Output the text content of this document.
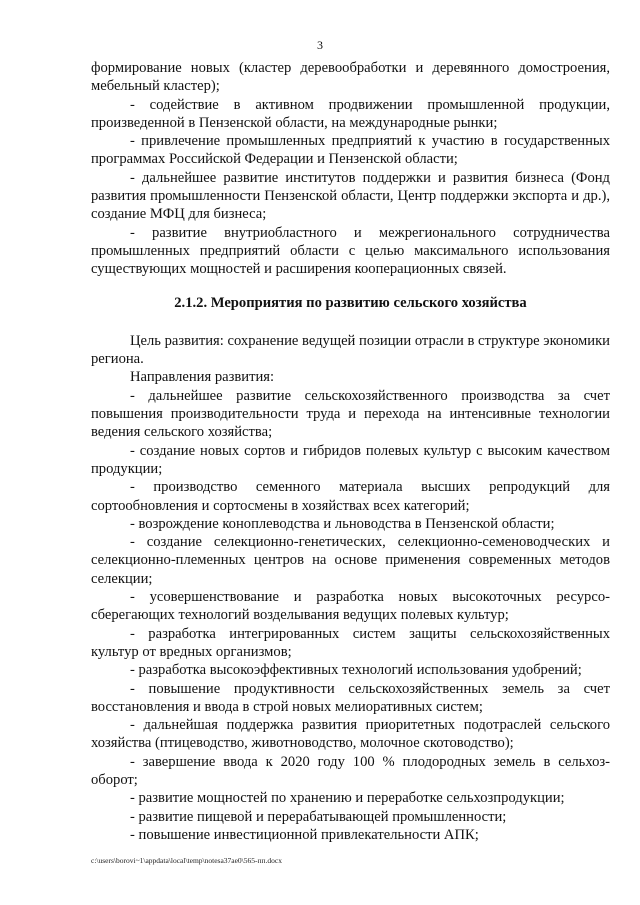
3

формирование новых (кластер деревообработки и деревянного домостроения, мебельный кластер);

- содействие в активном продвижении промышленной продукции, произведенной в Пензенской области, на международные рынки;

- привлечение промышленных предприятий к участию в государственных программах Российской Федерации и Пензенской области;

- дальнейшее развитие институтов поддержки и развития бизнеса (Фонд развития промышленности Пензенской области, Центр поддержки экспорта и др.), создание МФЦ для бизнеса;

- развитие внутриобластного и межрегионального сотрудничества промышленных предприятий области с целью максимального использования существующих мощностей и расширения кооперационных связей.

2.1.2. Мероприятия по развитию сельского хозяйства

Цель развития: сохранение ведущей позиции отрасли в структуре экономики региона.

Направления развития:

- дальнейшее развитие сельскохозяйственного производства за счет повышения производительности труда и перехода на интенсивные технологии ведения сельского хозяйства;

- создание новых сортов и гибридов полевых культур с высоким качеством продукции;

- производство семенного материала высших репродукций для сортообновления и сортосмены в хозяйствах всех категорий;

- возрождение коноплеводства и льноводства в Пензенской области;

- создание селекционно-генетических, селекционно-семеноводческих и селекционно-племенных центров на основе применения современных методов селекции;

- усовершенствование и разработка новых высокоточных ресурсо-сберегающих технологий возделывания ведущих полевых культур;

- разработка интегрированных систем защиты сельскохозяйственных культур от вредных организмов;

- разработка высокоэффективных технологий использования удобрений;

- повышение продуктивности сельскохозяйственных земель за счет восстановления и ввода в строй новых мелиоративных систем;

- дальнейшая поддержка развития приоритетных подотраслей сельского хозяйства (птицеводство, животноводство, молочное скотоводство);

- завершение ввода к 2020 году 100 % плодородных земель в сельхоз-оборот;

- развитие мощностей по хранению и переработке сельхозпродукции;

- развитие пищевой и перерабатывающей промышленности;

- повышение инвестиционной привлекательности АПК;

c:\users\borovi~1\appdata\local\temp\notesa37ae0\565-пп.docx
